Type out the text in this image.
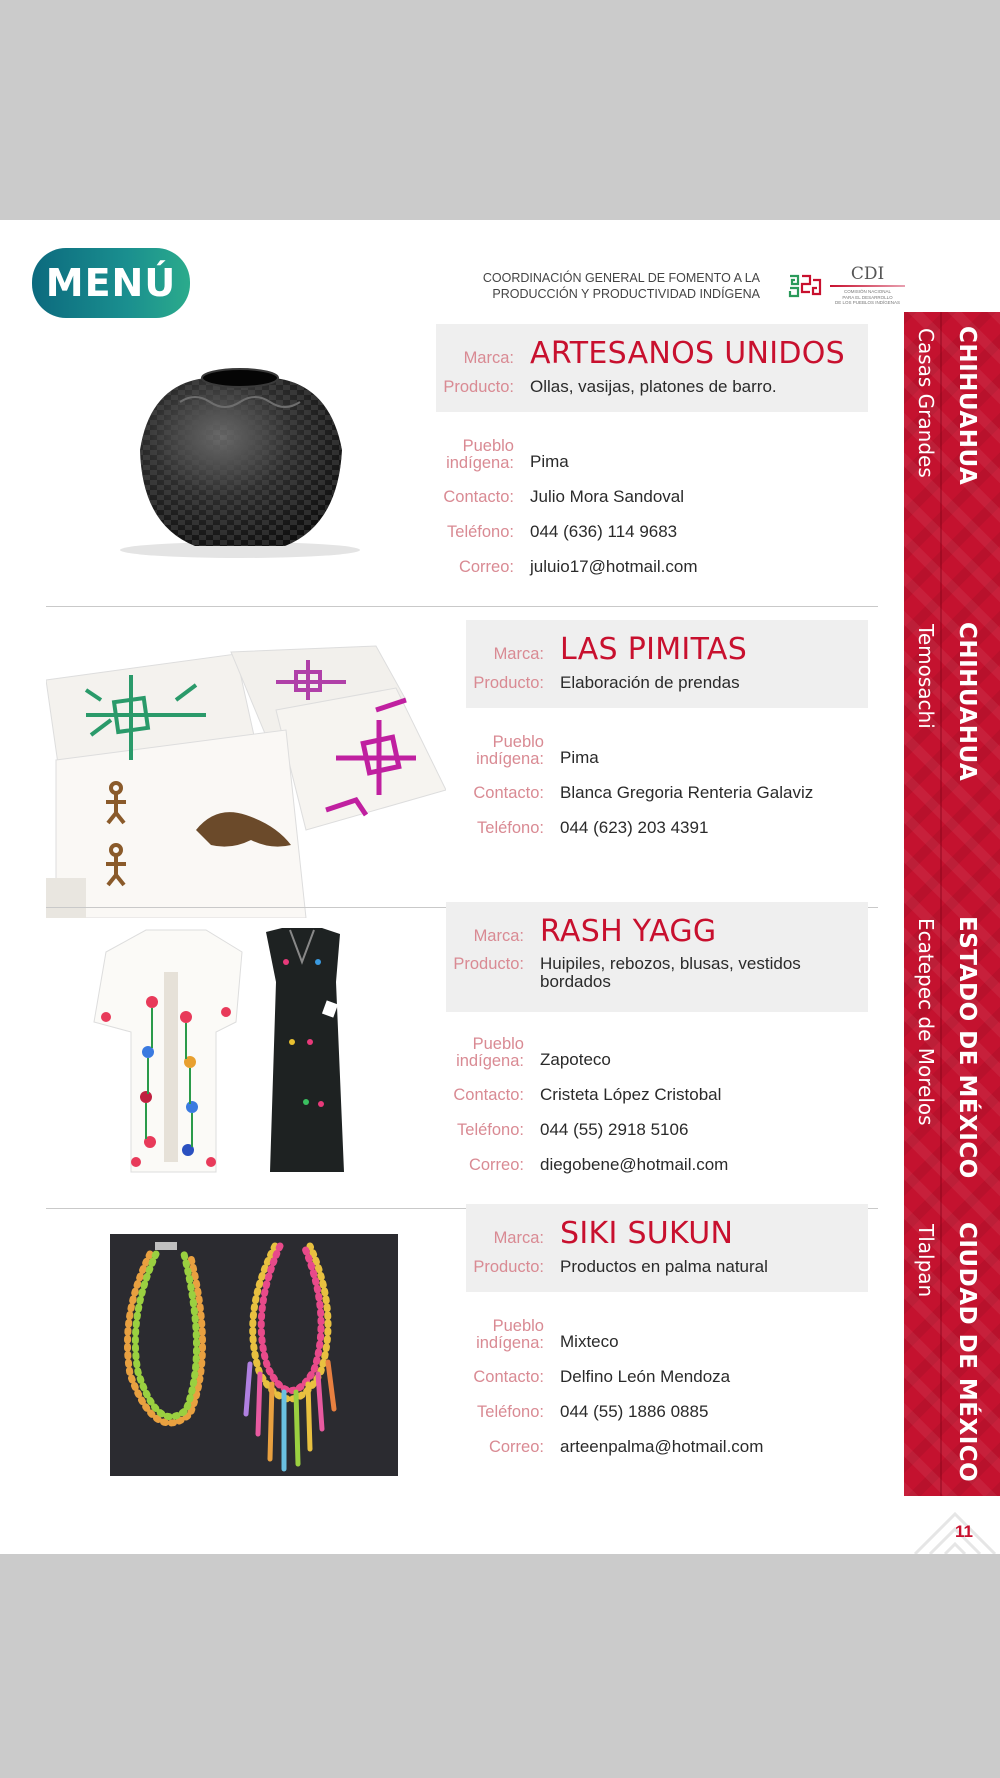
MENÚ	COORDINACIÓN GENERAL DE FOMENTO A LA
PRODUCCIÓN Y PRODUCTIVIDAD INDÍGENA
CDI
COMISIÓN NACIONAL
PARA EL DESARROLLO
DE LOS PUEBLOS INDÍGENAS
CHIHUAHUA
Casas Grandes
CHIHUAHUA
Temosachi
ESTADO DE MÉXICO
Ecatepec de Morelos
CIUDAD DE MÉXICO
Tlalpan
11
Marca: ARTESANOS UNIDOS
Producto: Ollas, vasijas, platones de barro.
Pueblo
indígena: Pima
Contacto: Julio Mora Sandoval
Teléfono: 044 (636) 114 9683
Correo: juluio17@hotmail.com
Marca: LAS PIMITAS
Producto: Elaboración de prendas
Pueblo
indígena: Pima
Contacto: Blanca Gregoria Renteria Galaviz
Teléfono: 044 (623) 203 4391
Marca: RASH YAGG
Producto: Huipiles, rebozos, blusas, vestidos
bordados
Pueblo
indígena: Zapoteco
Contacto: Cristeta López Cristobal
Teléfono: 044 (55) 2918 5106
Correo: diegobene@hotmail.com
Marca: SIKI SUKUN
Producto: Productos en palma natural
Pueblo
indígena: Mixteco
Contacto: Delfino León Mendoza
Teléfono: 044 (55) 1886 0885
Correo: arteenpalma@hotmail.com
